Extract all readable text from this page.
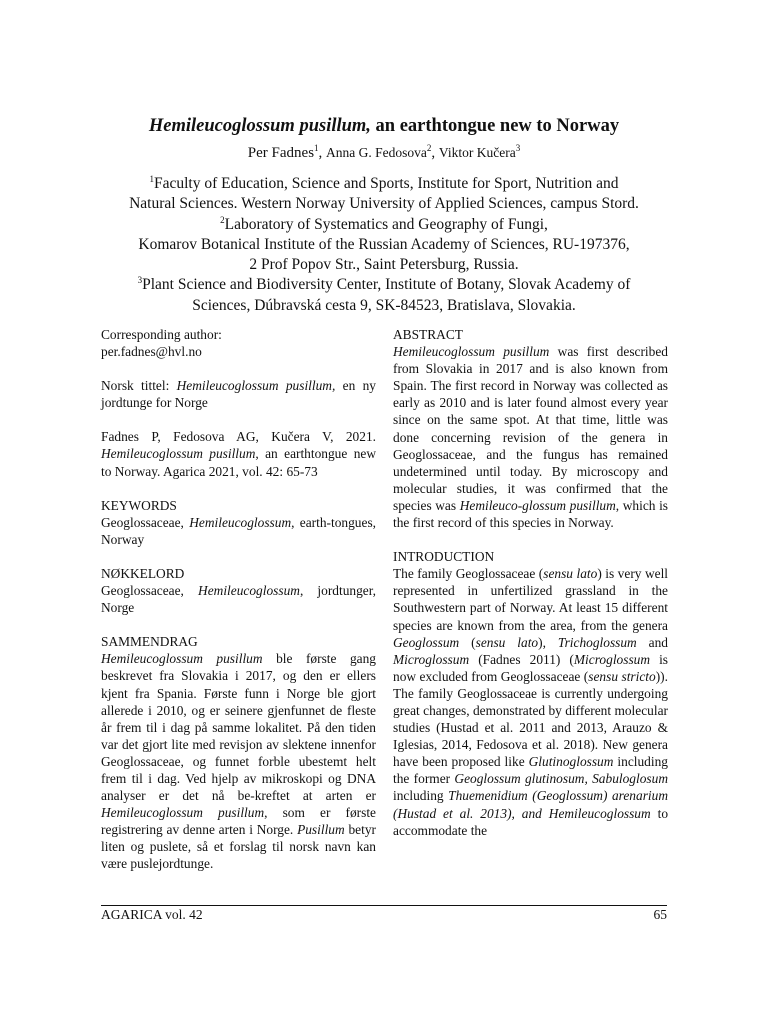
Hemileucoglossum pusillum, an earthtongue new to Norway

Per Fadnes$^1$, Anna G. Fedosova$^2$, Viktor Kučera$^3$

$^1$Faculty of Education, Science and Sports, Institute for Sport, Nutrition and
Natural Sciences. Western Norway University of Applied Sciences, campus Stord.
$^2$Laboratory of Systematics and Geography of Fungi,
Komarov Botanical Institute of the Russian Academy of Sciences, RU-197376,
2 Prof Popov Str., Saint Petersburg, Russia.
$^3$Plant Science and Biodiversity Center, Institute of Botany, Slovak Academy of
Sciences, Dúbravská cesta 9, SK-84523, Bratislava, Slovakia.

Corresponding author:

per.fadnes@hvl.no

Norsk tittel: Hemileucoglossum pusillum, en ny jordtunge for Norge

Fadnes P, Fedosova AG, Kučera V, 2021. Hemileucoglossum pusillum, an earthtongue new to Norway. Agarica 2021, vol. 42: 65-73

KEYWORDS

Geoglossaceae, Hemileucoglossum, earth-tongues, Norway

NØKKELORD

Geoglossaceae, Hemileucoglossum, jordtunger, Norge

SAMMENDRAG

Hemileucoglossum pusillum ble første gang beskrevet fra Slovakia i 2017, og den er ellers kjent fra Spania. Første funn i Norge ble gjort allerede i 2010, og er seinere gjenfunnet de fleste år frem til i dag på samme lokalitet. På den tiden var det gjort lite med revisjon av slektene innenfor Geoglossaceae, og funnet forble ubestemt helt frem til i dag. Ved hjelp av mikroskopi og DNA analyser er det nå be-kreftet at arten er Hemileucoglossum pusillum, som er første registrering av denne arten i Norge. Pusillum betyr liten og puslete, så et forslag til norsk navn kan være puslejordtunge.

ABSTRACT

Hemileucoglossum pusillum was first described from Slovakia in 2017 and is also known from Spain. The first record in Norway was collected as early as 2010 and is later found almost every year since on the same spot. At that time, little was done concerning revision of the genera in Geoglossaceae, and the fungus has remained undetermined until today. By microscopy and molecular studies, it was confirmed that the species was Hemileuco-glossum pusillum, which is the first record of this species in Norway.

INTRODUCTION

The family Geoglossaceae (sensu lato) is very well represented in unfertilized grassland in the Southwestern part of Norway. At least 15 different species are known from the area, from the genera Geoglossum (sensu lato), Trichoglossum and Microglossum (Fadnes 2011) (Microglossum is now excluded from Geoglossaceae (sensu stricto)). The family Geoglossaceae is currently undergoing great changes, demonstrated by different molecular studies (Hustad et al. 2011 and 2013, Arauzo & Iglesias, 2014, Fedosova et al. 2018). New genera have been proposed like Glutinoglossum including the former Geoglossum glutinosum, Sabuloglosum including Thuemenidium (Geoglossum) arenarium (Hustad et al. 2013), and Hemileucoglossum to accommodate the

AGARICA vol. 42	65
